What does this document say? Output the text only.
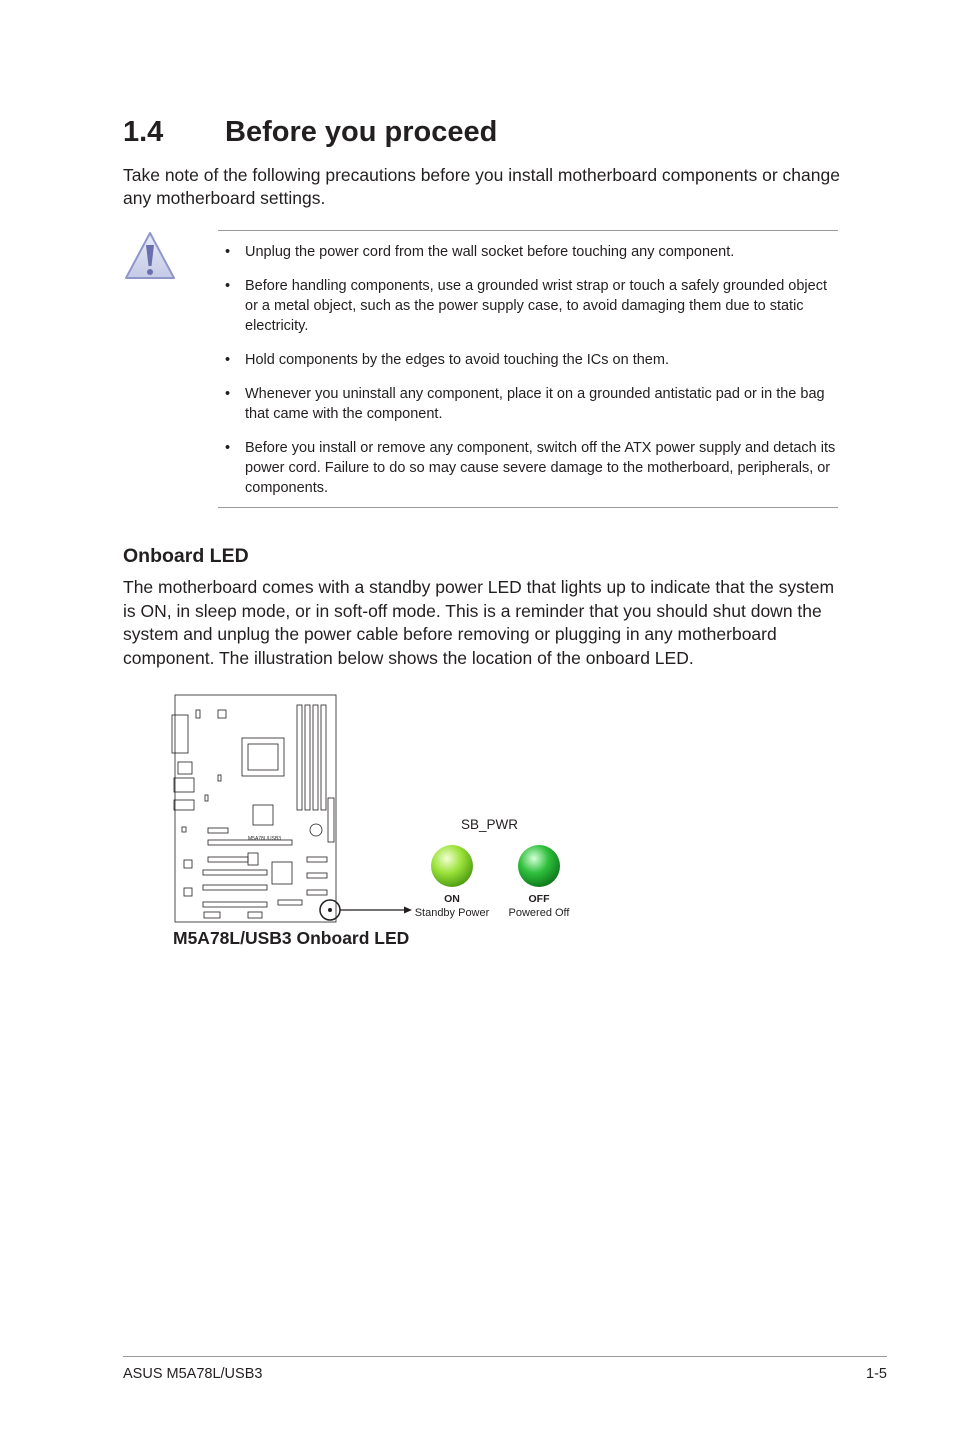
1.4 Before you proceed
Take note of the following precautions before you install motherboard components or change any motherboard settings.
• Unplug the power cord from the wall socket before touching any component.
• Before handling components, use a grounded wrist strap or touch a safely grounded object or a metal object, such as the power supply case, to avoid damaging them due to static electricity.
• Hold components by the edges to avoid touching the ICs on them.
• Whenever you uninstall any component, place it on a grounded antistatic pad or in the bag that came with the component.
• Before you install or remove any component, switch off the ATX power supply and detach its power cord. Failure to do so may cause severe damage to the motherboard, peripherals, or components.
Onboard LED
The motherboard comes with a standby power LED that lights up to indicate that the system is ON, in sleep mode, or in soft-off mode. This is a reminder that you should shut down the system and unplug the power cable before removing or plugging in any motherboard component. The illustration below shows the location of the onboard LED.
M5A78L/USB3
SB_PWR
ON
Standby Power
OFF
Powered Off
M5A78L/USB3 Onboard LED
ASUS M5A78L/USB3	1-5
